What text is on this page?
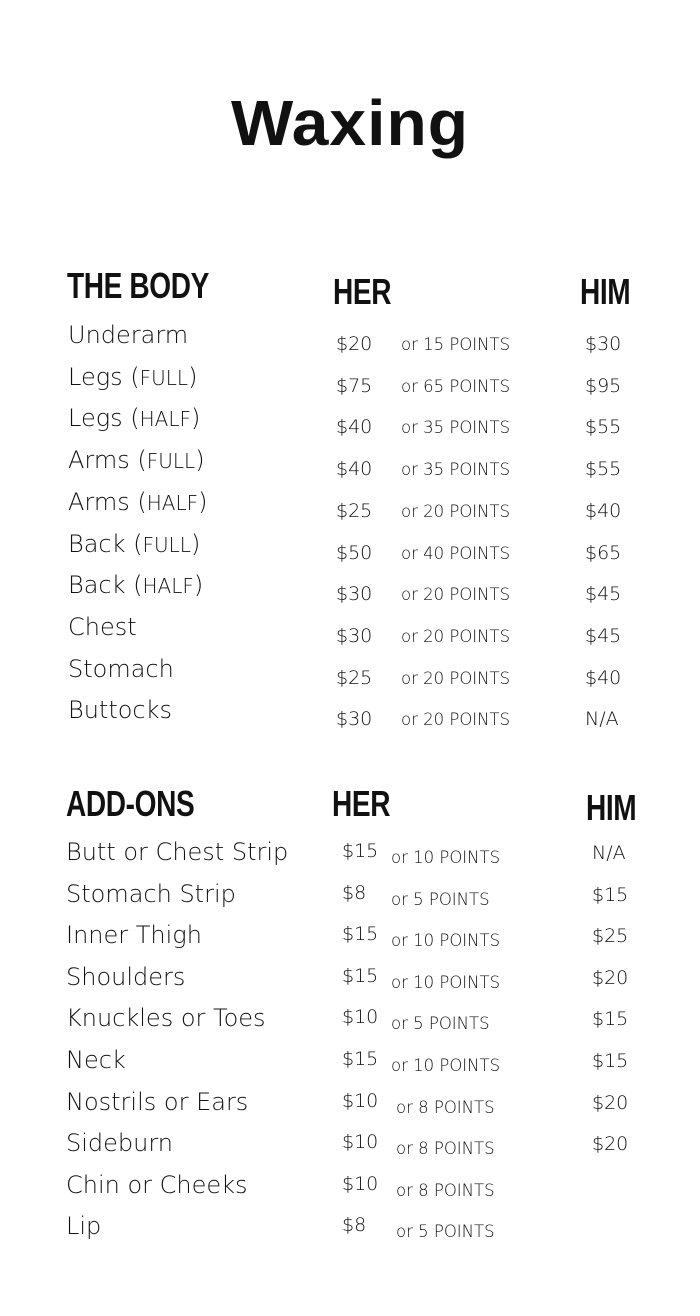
Waxing
THE BODY	HER	HIM
Underarm	$20 or 15 POINTS	$30
Legs (FULL)	$75 or 65 POINTS	$95
Legs (HALF)	$40 or 35 POINTS	$55
Arms (FULL)	$40 or 35 POINTS	$55
Arms (HALF)	$25 or 20 POINTS	$40
Back (FULL)	$50 or 40 POINTS	$65
Back (HALF)	$30 or 20 POINTS	$45
Chest	$30 or 20 POINTS	$45
Stomach	$25 or 20 POINTS	$40
Buttocks	$30 or 20 POINTS	N/A
ADD-ONS	HER	HIM
Butt or Chest Strip	$15 or 10 POINTS	N/A
Stomach Strip	$8 or 5 POINTS	$15
Inner Thigh	$15 or 10 POINTS	$25
Shoulders	$15 or 10 POINTS	$20
Knuckles or Toes	$10 or 5 POINTS	$15
Neck	$15 or 10 POINTS	$15
Nostrils or Ears	$10 or 8 POINTS	$20
Sideburn	$10 or 8 POINTS	$20
Chin or Cheeks	$10 or 8 POINTS
Lip	$8 or 5 POINTS
